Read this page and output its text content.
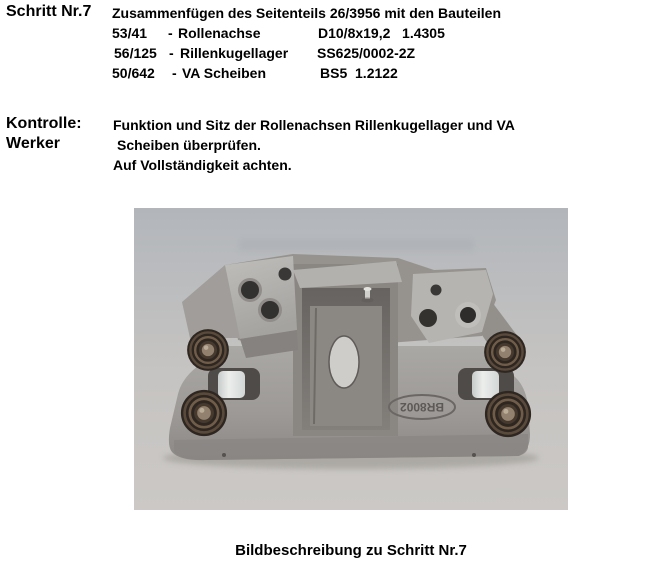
Schritt Nr.7 Zusammenfügen des Seitenteils 26/3956 mit den Bauteilen
53/41 - Rollenachse	D10/8x19,2   1.4305
56/125 - Rillenkugellager SS625/0002-2Z
50/642 - VA Scheiben	BS5  1.2122
Kontrolle:
Werker
Funktion und Sitz der Rollenachsen Rillenkugellager und VA
Scheiben überprüfen.
Auf Vollständigkeit achten.
BR8002
Bildbeschreibung zu Schritt Nr.7
